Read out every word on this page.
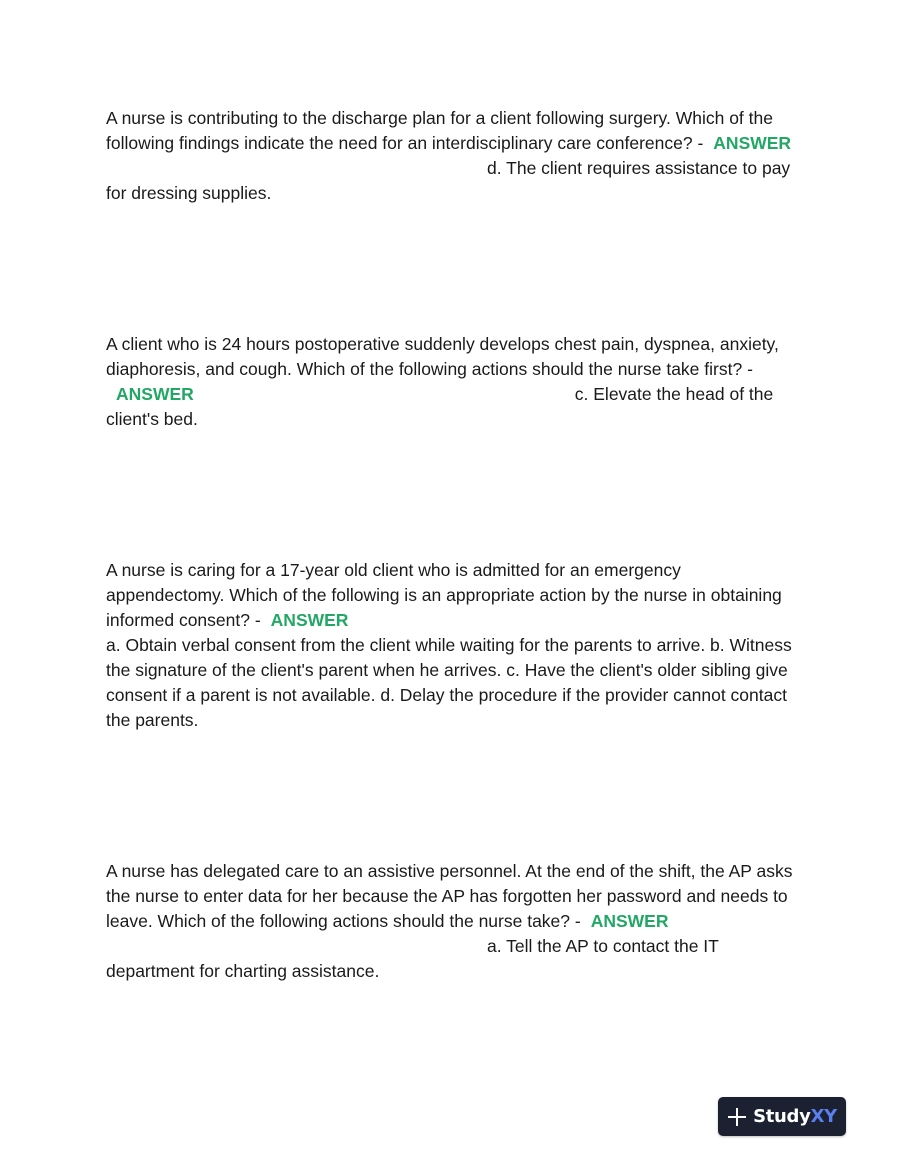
A nurse is contributing to the discharge plan for a client following surgery. Which of the following findings indicate the need for an interdisciplinary care conference? - ANSWERd. The client requires assistance to pay for dressing supplies.

A client who is 24 hours postoperative suddenly develops chest pain, dyspnea, anxiety, diaphoresis, and cough. Which of the following actions should the nurse take first? -ANSWER	c. Elevate the head of the client's bed.

A nurse is caring for a 17-year old client who is admitted for an emergency appendectomy. Which of the following is an appropriate action by the nurse in obtaining informed consent? - ANSWER
a. Obtain verbal consent from the client while waiting for the parents to arrive. b. Witness the signature of the client's parent when he arrives. c. Have the client's older sibling give consent if a parent is not available. d. Delay the procedure if the provider cannot contact the parents.

A nurse has delegated care to an assistive personnel. At the end of the shift, the AP asks the nurse to enter data for her because the AP has forgotten her password and needs to leave. Which of the following actions should the nurse take? - ANSWERa. Tell the AP to contact the IT department for charting assistance.

StudyXY
